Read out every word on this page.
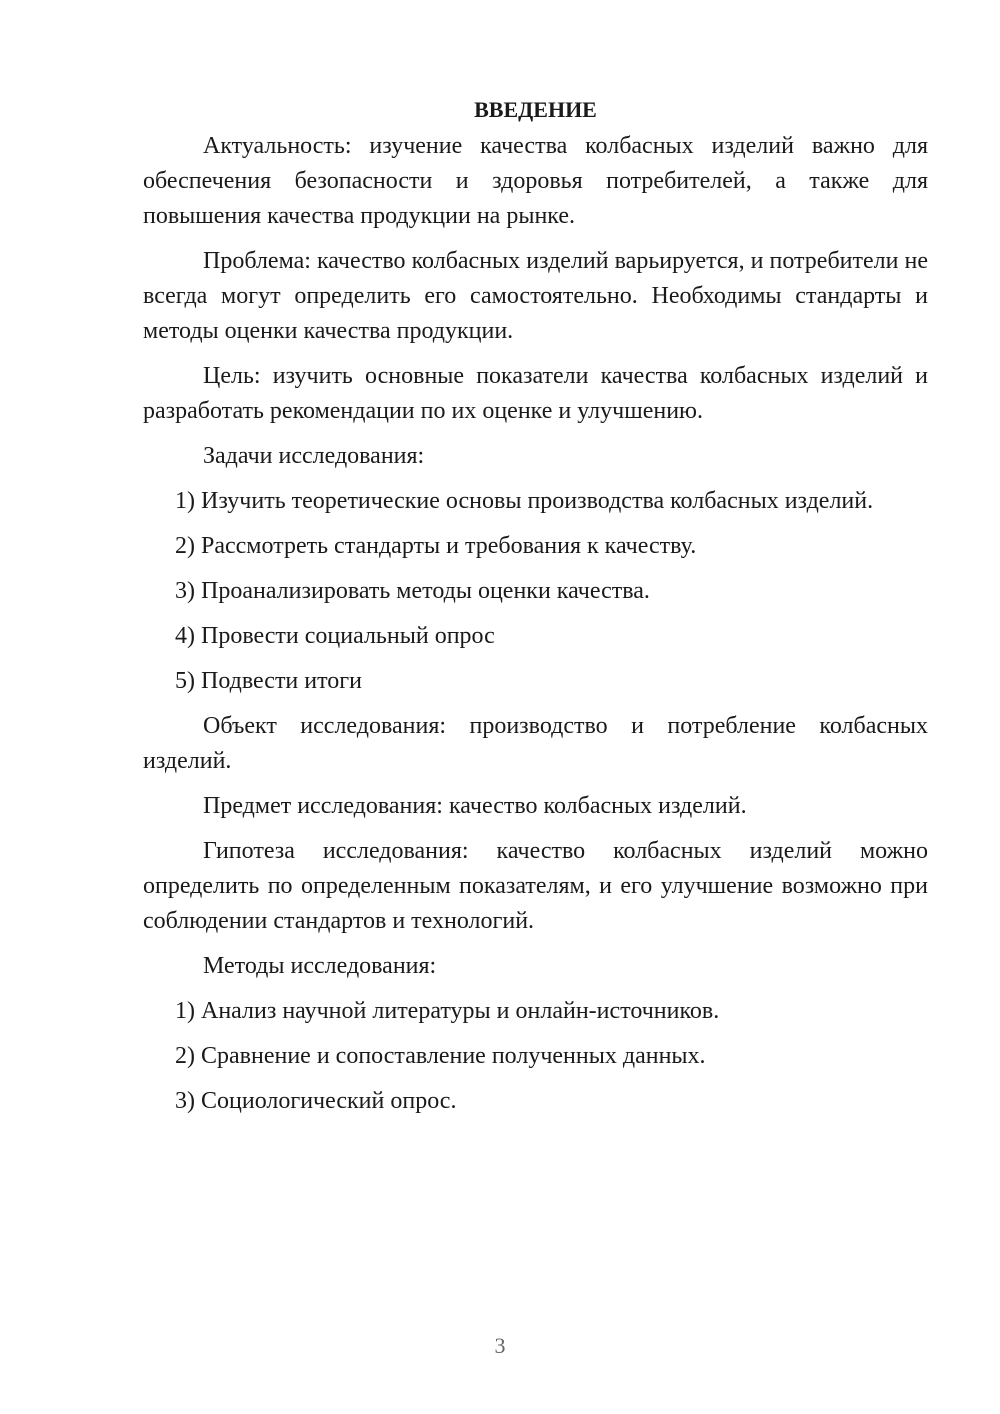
ВВЕДЕНИЕ

Актуальность: изучение качества колбасных изделий важно для обеспечения безопасности и здоровья потребителей, а также для повышения качества продукции на рынке.

Проблема: качество колбасных изделий варьируется, и потребители не всегда могут определить его самостоятельно. Необходимы стандарты и методы оценки качества продукции.

Цель: изучить основные показатели качества колбасных изделий и разработать рекомендации по их оценке и улучшению.

Задачи исследования:

1) Изучить теоретические основы производства колбасных изделий.
2) Рассмотреть стандарты и требования к качеству.
3) Проанализировать методы оценки качества.
4) Провести социальный опрос
5) Подвести итоги

Объект исследования: производство и потребление колбасных изделий.

Предмет исследования: качество колбасных изделий.

Гипотеза исследования: качество колбасных изделий можно определить по определенным показателям, и его улучшение возможно при соблюдении стандартов и технологий.

Методы исследования:

1) Анализ научной литературы и онлайн-источников.
2) Сравнение и сопоставление полученных данных.
3) Социологический опрос.
3
